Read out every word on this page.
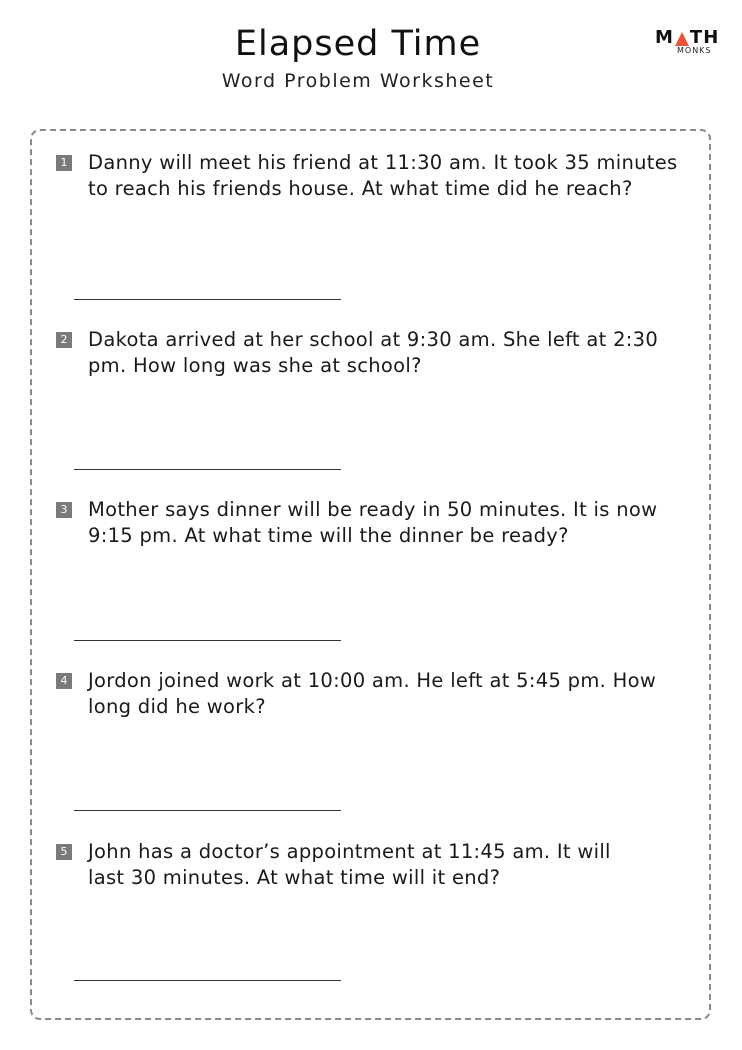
Elapsed Time

Word Problem Worksheet

M TH
MONKS
1 Danny will meet his friend at 11:30 am. It took 35 minutes
to reach his friends house. At what time did he reach?

2 Dakota arrived at her school at 9:30 am. She left at 2:30
pm. How long was she at school?

3 Mother says dinner will be ready in 50 minutes. It is now
9:15 pm. At what time will the dinner be ready?

4 Jordon joined work at 10:00 am. He left at 5:45 pm. How
long did he work?

5 John has a doctor’s appointment at 11:45 am. It will
last 30 minutes. At what time will it end?
